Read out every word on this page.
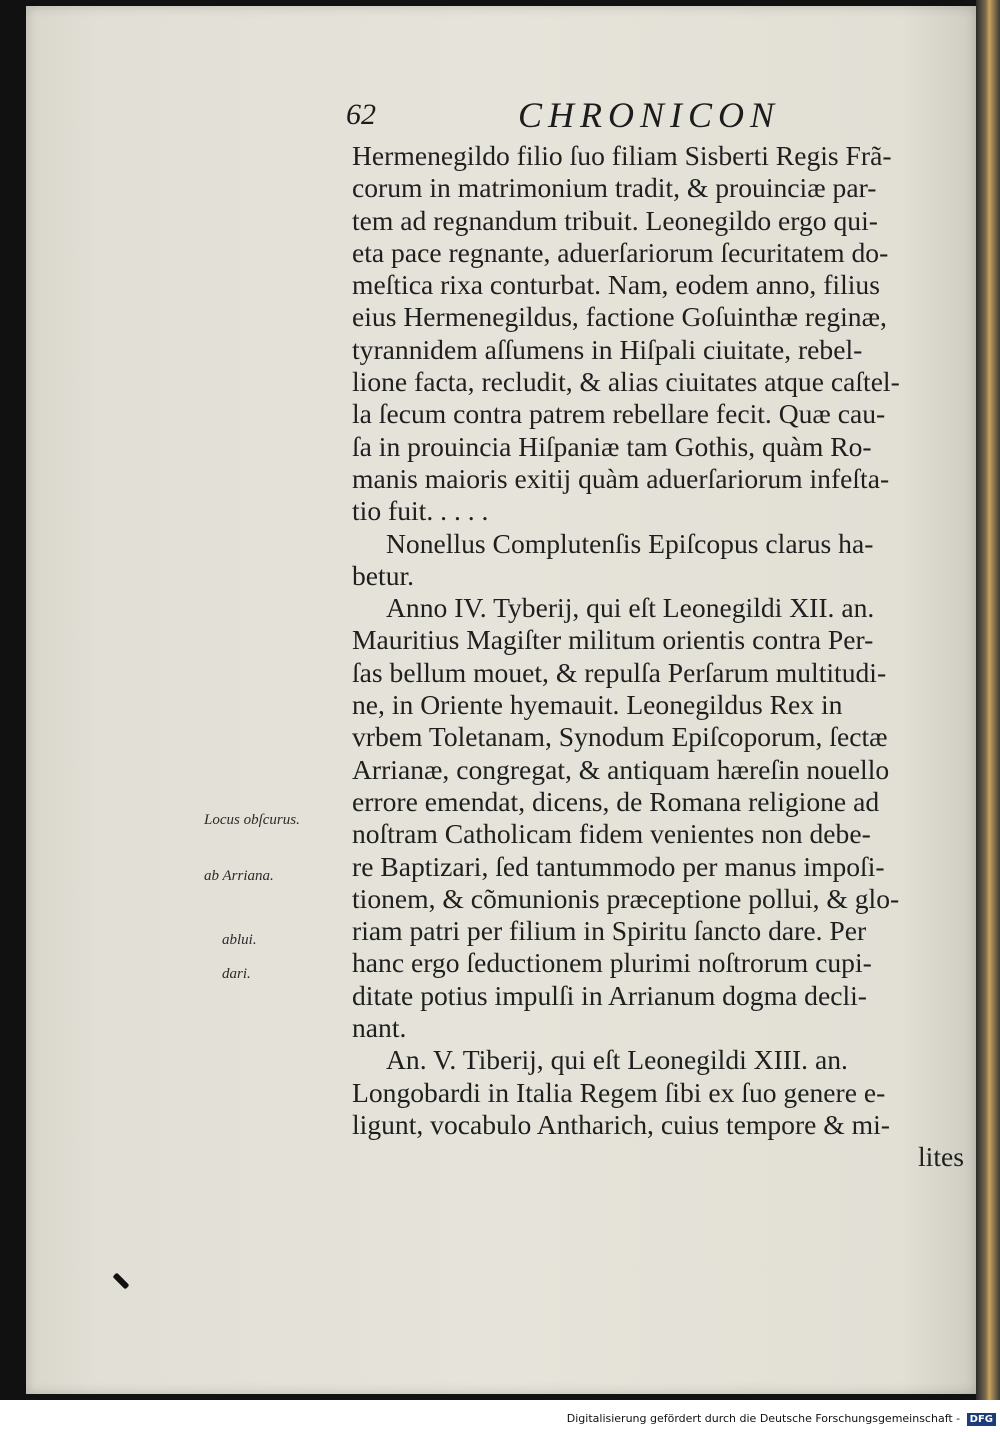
62	CHRONICON
Hermenegildo filio ſuo filiam Sisberti Regis Frã-
corum in matrimonium tradit, & prouinciæ par-
tem ad regnandum tribuit. Leonegildo ergo qui-
eta pace regnante, aduerſariorum ſecuritatem do-
meſtica rixa conturbat. Nam, eodem anno, filius
eius Hermenegildus, factione Goſuinthæ reginæ,
tyrannidem aſſumens in Hiſpali ciuitate, rebel-
lione facta, recludit, & alias ciuitates atque caſtel-
la ſecum contra patrem rebellare fecit. Quæ cau-
ſa in prouincia Hiſpaniæ tam Gothis, quàm Ro-
manis maioris exitij quàm aduerſariorum infeſta-
tio fuit. . . . .
Nonellus Complutenſis Epiſcopus clarus ha-
betur.
Anno IV. Tyberij, qui eſt Leonegildi XII. an.
Mauritius Magiſter militum orientis contra Per-
ſas bellum mouet, & repulſa Perſarum multitudi-
ne, in Oriente hyemauit. Leonegildus Rex in
vrbem Toletanam, Synodum Epiſcoporum, ſectæ
Arrianæ, congregat, & antiquam hæreſin nouello
errore emendat, dicens, de Romana religione ad
noſtram Catholicam fidem venientes non debe-
re Baptizari, ſed tantummodo per manus impoſi-
tionem, & cõmunionis præceptione pollui, & glo-
riam patri per filium in Spiritu ſancto dare. Per
hanc ergo ſeductionem plurimi noſtrorum cupi-
ditate potius impulſi in Arrianum dogma decli-
nant.
An. V. Tiberij, qui eſt Leonegildi XIII. an.
Longobardi in Italia Regem ſibi ex ſuo genere e-
ligunt, vocabulo Antharich, cuius tempore & mi-
lites
Locus obſcurus.
ab Arriana.
ablui.
dari.
Digitalisierung gefördert durch die Deutsche Forschungsgemeinschaft - DFG
